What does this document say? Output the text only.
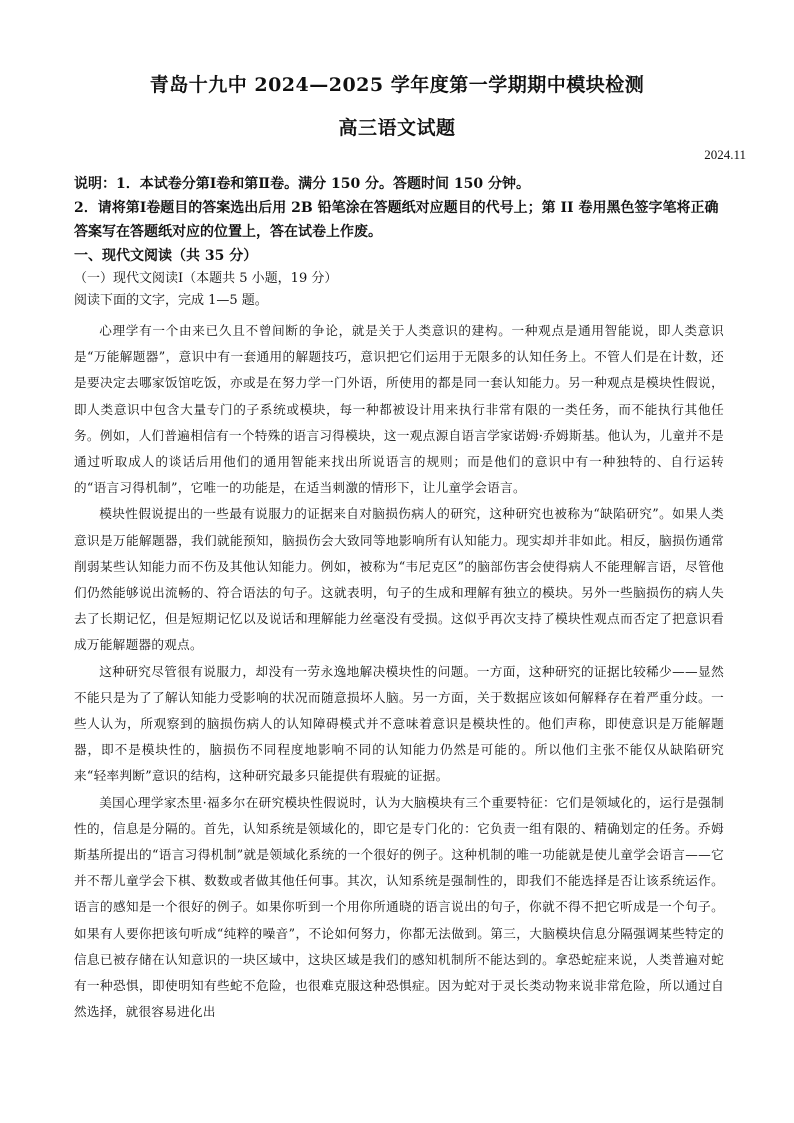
青岛十九中 2024—2025 学年度第一学期期中模块检测
高三语文试题
2024.11

说明：1．本试卷分第Ⅰ卷和第Ⅱ卷。满分 150 分。答题时间 150 分钟。

2．请将第Ⅰ卷题目的答案选出后用 2B 铅笔涂在答题纸对应题目的代号上；第 II 卷用黑色签字笔将正确答案写在答题纸对应的位置上，答在试卷上作废。

一、现代文阅读（共 35 分）

（一）现代文阅读Ⅰ（本题共 5 小题，19 分）

阅读下面的文字，完成 1—5 题。

心理学有一个由来已久且不曾间断的争论，就是关于人类意识的建构。一种观点是通用智能说，即人类意识是“万能解题器”，意识中有一套通用的解题技巧，意识把它们运用于无限多的认知任务上。不管人们是在计数，还是要决定去哪家饭馆吃饭，亦或是在努力学一门外语，所使用的都是同一套认知能力。另一种观点是模块性假说，即人类意识中包含大量专门的子系统或模块，每一种都被设计用来执行非常有限的一类任务，而不能执行其他任务。例如，人们普遍相信有一个特殊的语言习得模块，这一观点源自语言学家诺姆·乔姆斯基。他认为，儿童并不是通过听取成人的谈话后用他们的通用智能来找出所说语言的规则；而是他们的意识中有一种独特的、自行运转的“语言习得机制”，它唯一的功能是，在适当刺激的情形下，让儿童学会语言。

模块性假说提出的一些最有说服力的证据来自对脑损伤病人的研究，这种研究也被称为“缺陷研究”。如果人类意识是万能解题器，我们就能预知，脑损伤会大致同等地影响所有认知能力。现实却并非如此。相反，脑损伤通常削弱某些认知能力而不伤及其他认知能力。例如，被称为“韦尼克区”的脑部伤害会使得病人不能理解言语，尽管他们仍然能够说出流畅的、符合语法的句子。这就表明，句子的生成和理解有独立的模块。另外一些脑损伤的病人失去了长期记忆，但是短期记忆以及说话和理解能力丝毫没有受损。这似乎再次支持了模块性观点而否定了把意识看成万能解题器的观点。

这种研究尽管很有说服力，却没有一劳永逸地解决模块性的问题。一方面，这种研究的证据比较稀少——显然不能只是为了了解认知能力受影响的状况而随意损坏人脑。另一方面，关于数据应该如何解释存在着严重分歧。一些人认为，所观察到的脑损伤病人的认知障碍模式并不意味着意识是模块性的。他们声称，即使意识是万能解题器，即不是模块性的，脑损伤不同程度地影响不同的认知能力仍然是可能的。所以他们主张不能仅从缺陷研究来“轻率判断”意识的结构，这种研究最多只能提供有瑕疵的证据。

美国心理学家杰里·福多尔在研究模块性假说时，认为大脑模块有三个重要特征：它们是领域化的，运行是强制性的，信息是分隔的。首先，认知系统是领域化的，即它是专门化的：它负责一组有限的、精确划定的任务。乔姆斯基所提出的“语言习得机制”就是领域化系统的一个很好的例子。这种机制的唯一功能就是使儿童学会语言——它并不帮儿童学会下棋、数数或者做其他任何事。其次，认知系统是强制性的，即我们不能选择是否让该系统运作。语言的感知是一个很好的例子。如果你听到一个用你所通晓的语言说出的句子，你就不得不把它听成是一个句子。如果有人要你把该句听成“纯粹的噪音”，不论如何努力，你都无法做到。第三，大脑模块信息分隔强调某些特定的信息已被存储在认知意识的一块区域中，这块区域是我们的感知机制所不能达到的。拿恐蛇症来说，人类普遍对蛇有一种恐惧，即使明知有些蛇不危险，也很难克服这种恐惧症。因为蛇对于灵长类动物来说非常危险，所以通过自然选择，就很容易进化出
